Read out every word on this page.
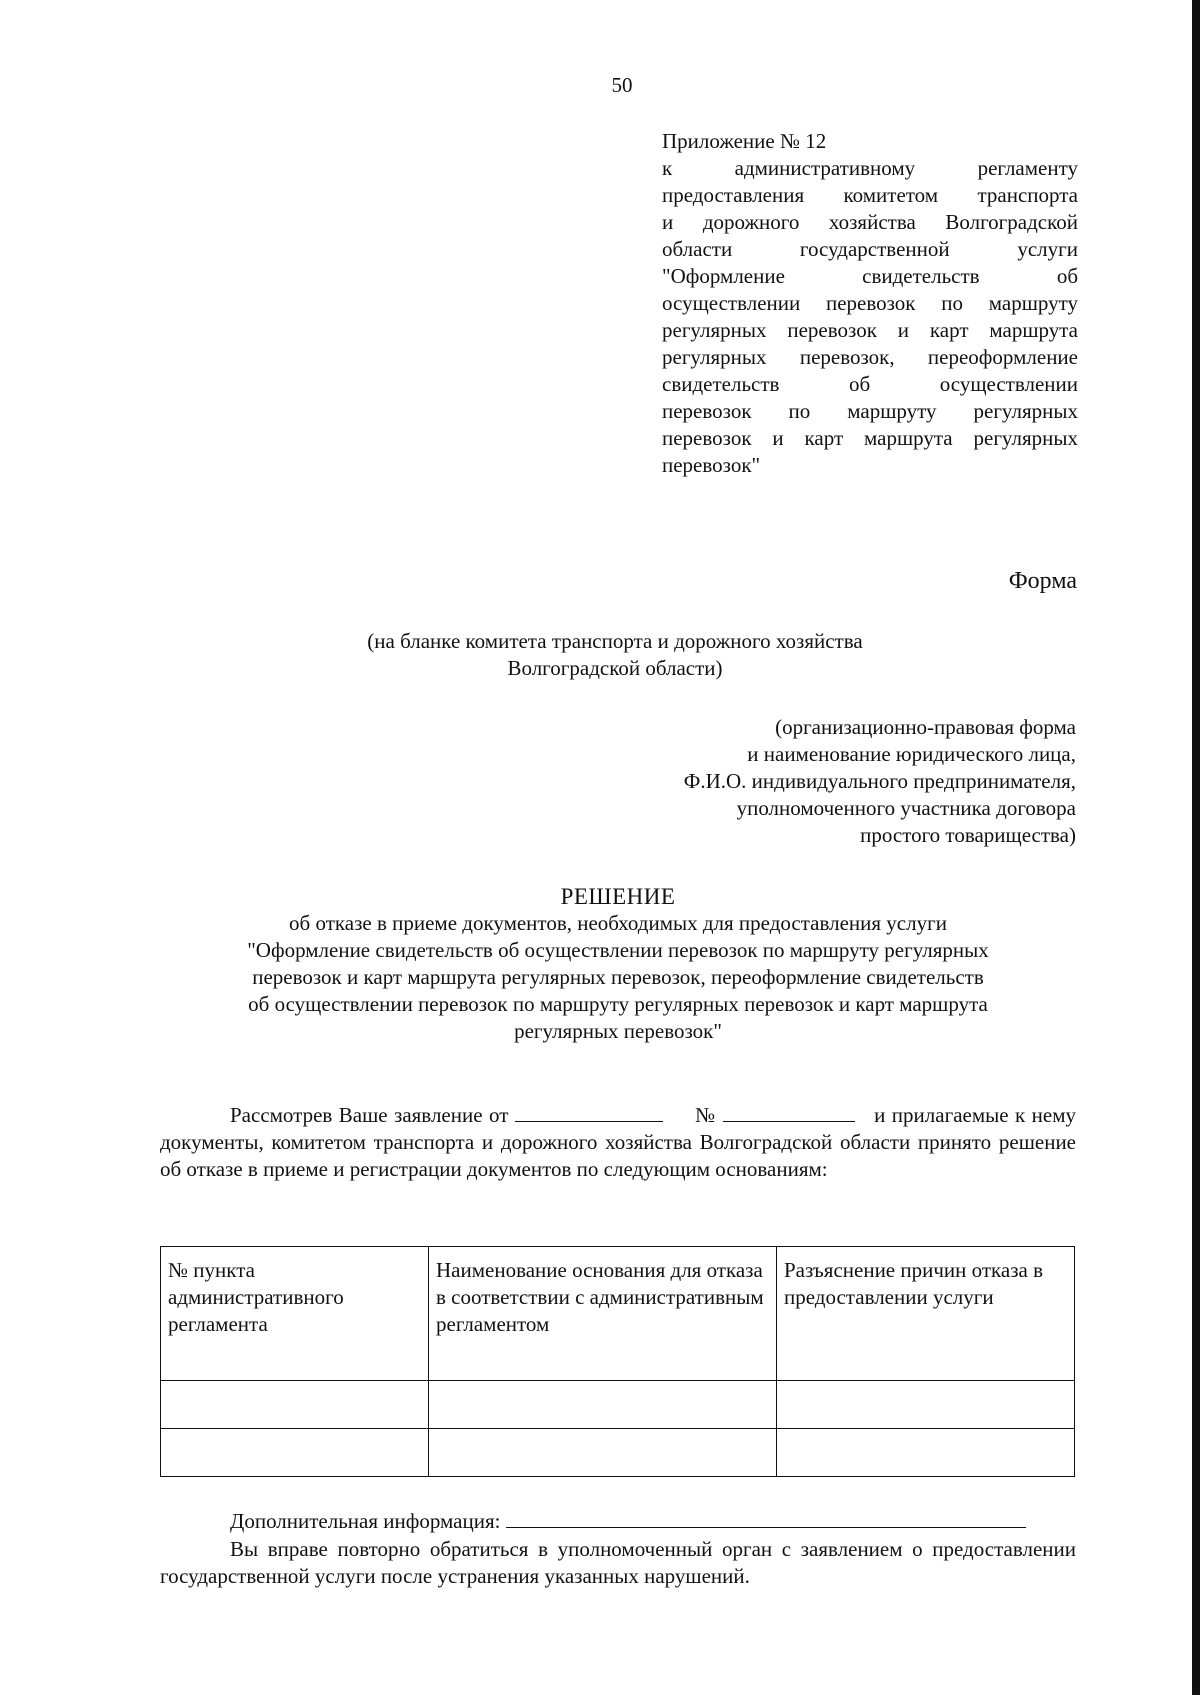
50
Приложение № 12
к административному регламенту
предоставления комитетом транспорта
и дорожного хозяйства Волгоградской
области государственной услуги
"Оформление свидетельств об
осуществлении перевозок по маршруту
регулярных перевозок и карт маршрута
регулярных перевозок, переоформление
свидетельств об осуществлении
перевозок по маршруту регулярных
перевозок и карт маршрута регулярных
перевозок"
Форма
(на бланке комитета транспорта и дорожного хозяйства
Волгоградской области)
(организационно-правовая форма
и наименование юридического лица,
Ф.И.О. индивидуального предпринимателя,
уполномоченного участника договора
простого товарищества)
РЕШЕНИЕ
об отказе в приеме документов, необходимых для предоставления услуги
"Оформление свидетельств об осуществлении перевозок по маршруту регулярных
перевозок и карт маршрута регулярных перевозок, переоформление свидетельств
об осуществлении перевозок по маршруту регулярных перевозок и карт маршрута
регулярных перевозок"
Рассмотрев Ваше заявление от	№	и прилагаемые к нему документы, комитетом транспорта и дорожного хозяйства Волгоградской области принято решение об отказе в приеме и регистрации документов по следующим основаниям:
№ пункта административного регламента	Наименование основания для отказа в соответствии с административным регламентом	Разъяснение причин отказа в предоставлении услуги

Дополнительная информация:
Вы вправе повторно обратиться в уполномоченный орган с заявлением о предоставлении государственной услуги после устранения указанных нарушений.
